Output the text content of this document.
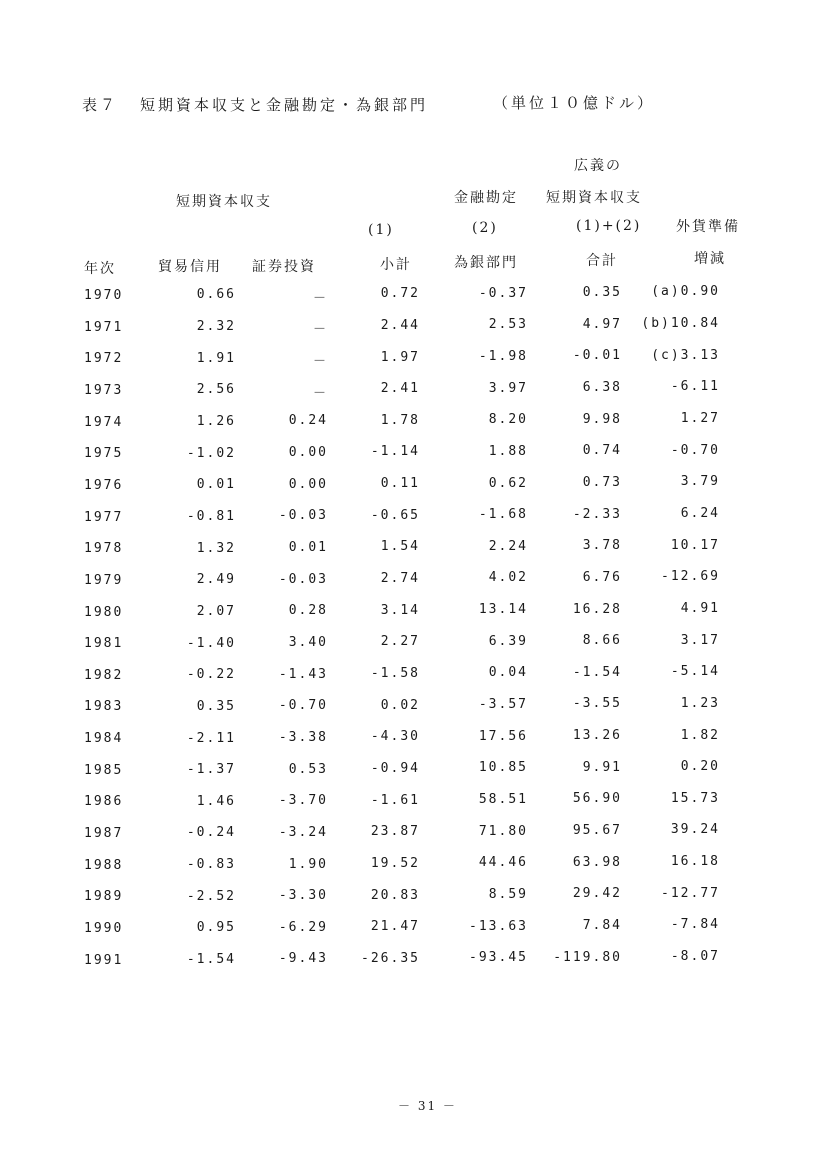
表７ 短期資本収支と金融勘定・為銀部門	（単位１０億ドル）
広義の
短期資本収支	金融勘定 短期資本収支
(1)	(2)	(1)+(2) 外貨準備
年次	貿易信用 証券投資	小計	為銀部門	合計	増減
1970	0.66	－	0.72	-0.37	0.35	(a)0.90
1971	2.32	－	2.44	2.53	4.97	(b)10.84
1972	1.91	－	1.97	-1.98	-0.01	(c)3.13
1973	2.56	－	2.41	3.97	6.38	-6.11
1974	1.26	0.24	1.78	8.20	9.98	1.27
1975	-1.02	0.00	-1.14	1.88	0.74	-0.70
1976	0.01	0.00	0.11	0.62	0.73	3.79
1977	-0.81	-0.03	-0.65	-1.68	-2.33	6.24
1978	1.32	0.01	1.54	2.24	3.78	10.17
1979	2.49	-0.03	2.74	4.02	6.76	-12.69
1980	2.07	0.28	3.14	13.14	16.28	4.91
1981	-1.40	3.40	2.27	6.39	8.66	3.17
1982	-0.22	-1.43	-1.58	0.04	-1.54	-5.14
1983	0.35	-0.70	0.02	-3.57	-3.55	1.23
1984	-2.11	-3.38	-4.30	17.56	13.26	1.82
1985	-1.37	0.53	-0.94	10.85	9.91	0.20
1986	1.46	-3.70	-1.61	58.51	56.90	15.73
1987	-0.24	-3.24	23.87	71.80	95.67	39.24
1988	-0.83	1.90	19.52	44.46	63.98	16.18
1989	-2.52	-3.30	20.83	8.59	29.42	-12.77
1990	0.95	-6.29	21.47	-13.63	7.84	-7.84
1991	-1.54	-9.43	-26.35	-93.45	-119.80	-8.07
－ 31 －
